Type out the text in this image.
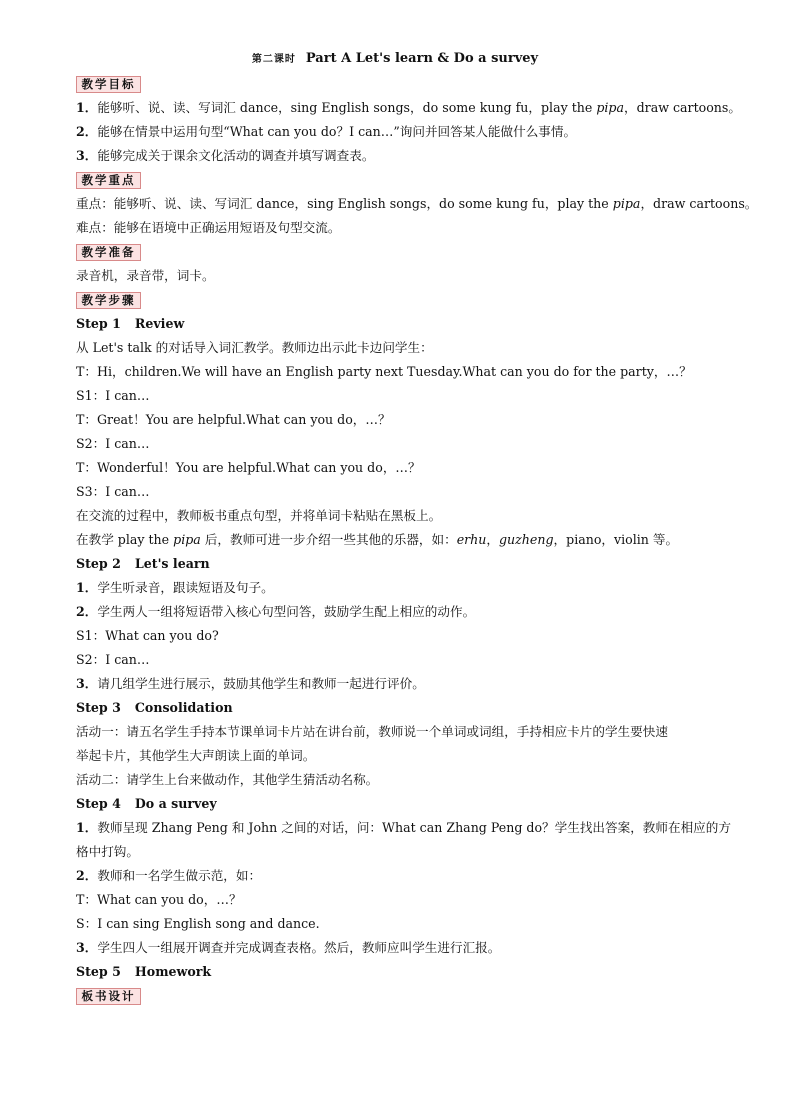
第二课时 Part A Let's learn & Do a survey
教学目标
1．能够听、说、读、写词汇 dance，sing English songs，do some kung fu，play the pipa，draw cartoons。
2．能够在情景中运用句型“What can you do？I can…”询问并回答某人能做什么事情。
3．能够完成关于课余文化活动的调查并填写调查表。
教学重点
重点：能够听、说、读、写词汇 dance，sing English songs，do some kung fu，play the pipa，draw cartoons。
难点：能够在语境中正确运用短语及句型交流。
教学准备
录音机，录音带，词卡。
教学步骤
Step 1 Review
从 Let's talk 的对话导入词汇教学。教师边出示此卡边问学生：
T：Hi，children.We will have an English party next Tuesday.What can you do for the party，…？
S1：I can…
T：Great！You are helpful.What can you do，…？
S2：I can…
T：Wonderful！You are helpful.What can you do，…？
S3：I can…
在交流的过程中，教师板书重点句型，并将单词卡粘贴在黑板上。
在教学 play the pipa 后，教师可进一步介绍一些其他的乐器，如：erhu，guzheng，piano，violin 等。
Step 2 Let's learn
1．学生听录音，跟读短语及句子。
2．学生两人一组将短语带入核心句型问答，鼓励学生配上相应的动作。
S1：What can you do?
S2：I can…
3．请几组学生进行展示，鼓励其他学生和教师一起进行评价。
Step 3 Consolidation
活动一：请五名学生手持本节课单词卡片站在讲台前，教师说一个单词或词组，手持相应卡片的学生要快速
举起卡片，其他学生大声朗读上面的单词。
活动二：请学生上台来做动作，其他学生猜活动名称。
Step 4 Do a survey
1．教师呈现 Zhang Peng 和 John 之间的对话，问：What can Zhang Peng do？学生找出答案，教师在相应的方
格中打钩。
2．教师和一名学生做示范，如：
T：What can you do，…？
S：I can sing English song and dance.
3．学生四人一组展开调查并完成调查表格。然后，教师应叫学生进行汇报。
Step 5 Homework
板书设计
